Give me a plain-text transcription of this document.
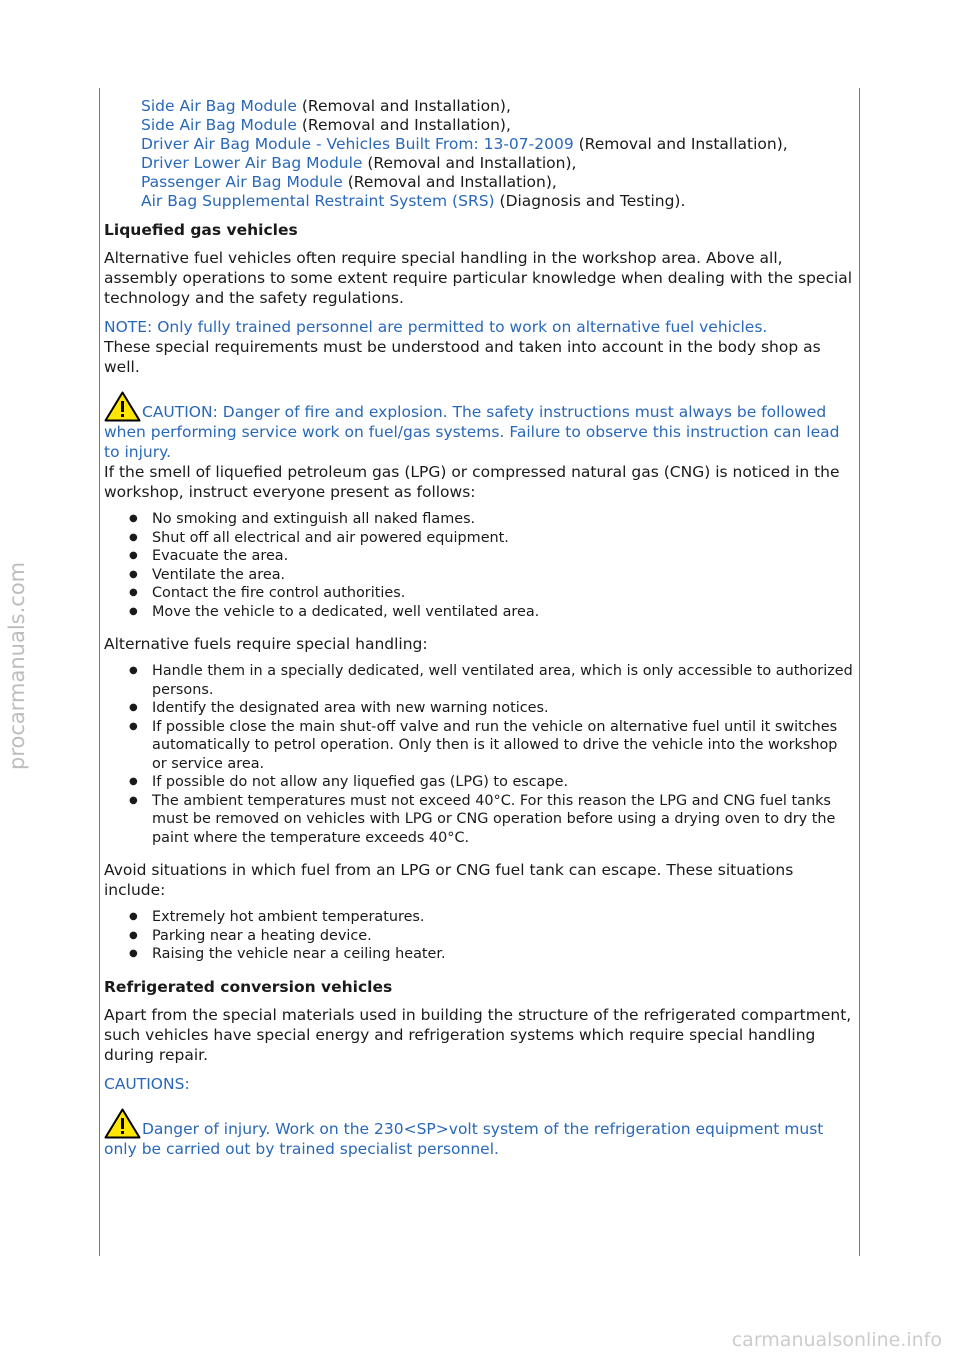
Side Air Bag Module (Removal and Installation),
Side Air Bag Module (Removal and Installation),
Driver Air Bag Module - Vehicles Built From: 13-07-2009 (Removal and Installation),
Driver Lower Air Bag Module (Removal and Installation),
Passenger Air Bag Module (Removal and Installation),
Air Bag Supplemental Restraint System (SRS) (Diagnosis and Testing).
Liquefied gas vehicles

Alternative fuel vehicles often require special handling in the workshop area. Above all, assembly operations to some extent require particular knowledge when dealing with the special technology and the safety regulations.

NOTE: Only fully trained personnel are permitted to work on alternative fuel vehicles.
These special requirements must be understood and taken into account in the body shop as well.
CAUTION: Danger of fire and explosion. The safety instructions must always be followed when performing service work on fuel/gas systems. Failure to observe this instruction can lead to injury.
If the smell of liquefied petroleum gas (LPG) or compressed natural gas (CNG) is noticed in the workshop, instruct everyone present as follows:
● No smoking and extinguish all naked flames.
● Shut off all electrical and air powered equipment.
● Evacuate the area.
● Ventilate the area.
● Contact the fire control authorities.
● Move the vehicle to a dedicated, well ventilated area.
Alternative fuels require special handling:
● Handle them in a specially dedicated, well ventilated area, which is only accessible to authorized persons.
● Identify the designated area with new warning notices.
● If possible close the main shut-off valve and run the vehicle on alternative fuel until it switches automatically to petrol operation. Only then is it allowed to drive the vehicle into the workshop or service area.
● If possible do not allow any liquefied gas (LPG) to escape.
● The ambient temperatures must not exceed 40°C. For this reason the LPG and CNG fuel tanks must be removed on vehicles with LPG or CNG operation before using a drying oven to dry the paint where the temperature exceeds 40°C.
Avoid situations in which fuel from an LPG or CNG fuel tank can escape. These situations include:
● Extremely hot ambient temperatures.
● Parking near a heating device.
● Raising the vehicle near a ceiling heater.
Refrigerated conversion vehicles

Apart from the special materials used in building the structure of the refrigerated compartment, such vehicles have special energy and refrigeration systems which require special handling during repair.

CAUTIONS:
Danger of injury. Work on the 230<SP>volt system of the refrigeration equipment must only be carried out by trained specialist personnel.
procarmanuals.com
carmanualsonline.info
